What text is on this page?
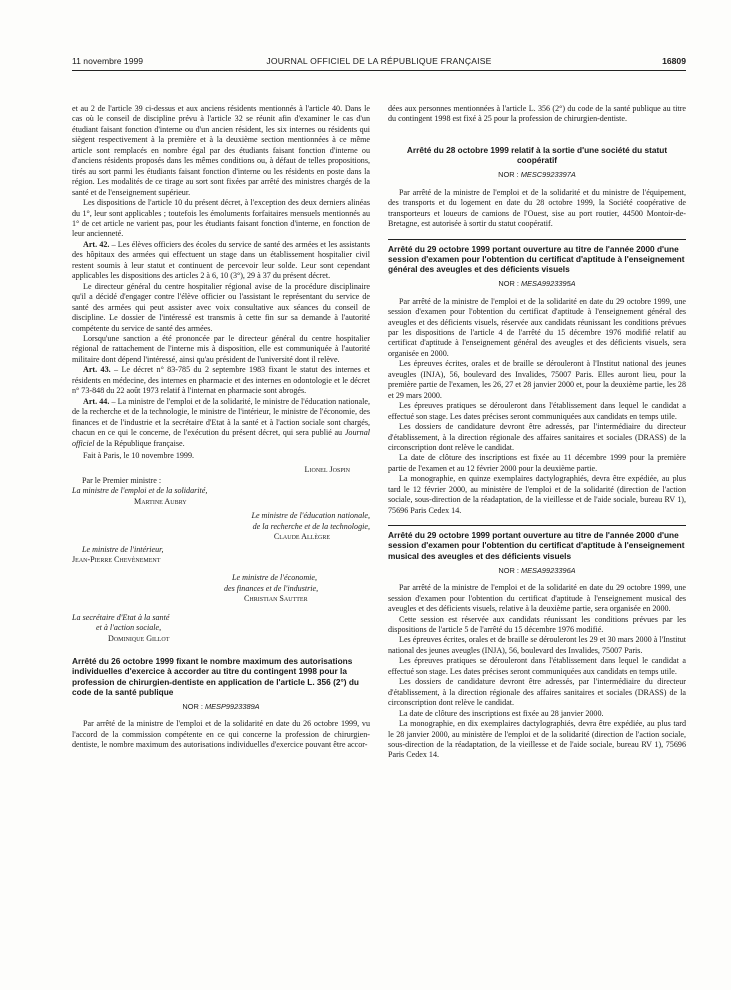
11 novembre 1999	JOURNAL OFFICIEL DE LA RÉPUBLIQUE FRANÇAISE	16809

et au 2 de l'article 39 ci-dessus et aux anciens résidents mentionnés à l'article 40. Dans le cas où le conseil de discipline prévu à l'article 32 se réunit afin d'examiner le cas d'un étudiant faisant fonction d'interne ou d'un ancien résident, les six internes ou résidents qui siègent respectivement à la première et à la deuxième section mentionnées à ce même article sont remplacés en nombre égal par des étudiants faisant fonction d'interne ou d'anciens résidents proposés dans les mêmes conditions ou, à défaut de telles propositions, tirés au sort parmi les étudiants faisant fonction d'interne ou les résidents en poste dans la région. Les modalités de ce tirage au sort sont fixées par arrêté des ministres chargés de la santé et de l'enseignement supérieur.

Les dispositions de l'article 10 du présent décret, à l'exception des deux derniers alinéas du 1°, leur sont applicables ; toutefois les émoluments forfaitaires mensuels mentionnés au 1° de cet article ne varient pas, pour les étudiants faisant fonction d'interne, en fonction de leur ancienneté.

Art. 42. – Les élèves officiers des écoles du service de santé des armées et les assistants des hôpitaux des armées qui effectuent un stage dans un établissement hospitalier civil restent soumis à leur statut et continuent de percevoir leur solde. Leur sont cependant applicables les dispositions des articles 2 à 6, 10 (3°), 29 à 37 du présent décret.

Le directeur général du centre hospitalier régional avise de la procédure disciplinaire qu'il a décidé d'engager contre l'élève officier ou l'assistant le représentant du service de santé des armées qui peut assister avec voix consultative aux séances du conseil de discipline. Le dossier de l'intéressé est transmis à cette fin sur sa demande à l'autorité compétente du service de santé des armées.

Lorsqu'une sanction a été prononcée par le directeur général du centre hospitalier régional de rattachement de l'interne mis à disposition, elle est communiquée à l'autorité militaire dont dépend l'intéressé, ainsi qu'au président de l'université dont il relève.

Art. 43. – Le décret n° 83-785 du 2 septembre 1983 fixant le statut des internes et résidents en médecine, des internes en pharmacie et des internes en odontologie et le décret n° 73-848 du 22 août 1973 relatif à l'internat en pharmacie sont abrogés.

Art. 44. – La ministre de l'emploi et de la solidarité, le ministre de l'éducation nationale, de la recherche et de la technologie, le ministre de l'intérieur, le ministre de l'économie, des finances et de l'industrie et la secrétaire d'Etat à la santé et à l'action sociale sont chargés, chacun en ce qui le concerne, de l'exécution du présent décret, qui sera publié au Journal officiel de la République française.

Fait à Paris, le 10 novembre 1999.

Lionel Jospin
Par le Premier ministre :
La ministre de l'emploi et de la solidarité,
Martine Aubry
Le ministre de l'éducation nationale,
de la recherche et de la technologie,
Claude Allègre
Le ministre de l'intérieur,
Jean-Pierre Chevènement
Le ministre de l'économie,
des finances et de l'industrie,
Christian Sautter
La secrétaire d'Etat à la santé
et à l'action sociale,
Dominique Gillot
Arrêté du 26 octobre 1999 fixant le nombre maximum des autorisations individuelles d'exercice à accorder au titre du contingent 1998 pour la profession de chirurgien-dentiste en application de l'article L. 356 (2°) du code de la santé publique
NOR : MESP9923389A

Par arrêté de la ministre de l'emploi et de la solidarité en date du 26 octobre 1999, vu l'accord de la commission compétente en ce qui concerne la profession de chirurgien-dentiste, le nombre maximum des autorisations individuelles d'exercice pouvant être accor-

dées aux personnes mentionnées à l'article L. 356 (2°) du code de la santé publique au titre du contingent 1998 est fixé à 25 pour la profession de chirurgien-dentiste.

Arrêté du 28 octobre 1999 relatif à la sortie d'une société du statut coopératif
NOR : MESC9923397A

Par arrêté de la ministre de l'emploi et de la solidarité et du ministre de l'équipement, des transports et du logement en date du 28 octobre 1999, la Société coopérative de transporteurs et loueurs de camions de l'Ouest, sise au port routier, 44500 Montoir-de-Bretagne, est autorisée à sortir du statut coopératif.

Arrêté du 29 octobre 1999 portant ouverture au titre de l'année 2000 d'une session d'examen pour l'obtention du certificat d'aptitude à l'enseignement général des aveugles et des déficients visuels
NOR : MESA9923395A

Par arrêté de la ministre de l'emploi et de la solidarité en date du 29 octobre 1999, une session d'examen pour l'obtention du certificat d'aptitude à l'enseignement général des aveugles et des déficients visuels, réservée aux candidats réunissant les conditions prévues par les dispositions de l'article 4 de l'arrêté du 15 décembre 1976 modifié relatif au certificat d'aptitude à l'enseignement général des aveugles et des déficients visuels, sera organisée en 2000.

Les épreuves écrites, orales et de braille se dérouleront à l'Institut national des jeunes aveugles (INJA), 56, boulevard des Invalides, 75007 Paris. Elles auront lieu, pour la première partie de l'examen, les 26, 27 et 28 janvier 2000 et, pour la deuxième partie, les 28 et 29 mars 2000.

Les épreuves pratiques se dérouleront dans l'établissement dans lequel le candidat a effectué son stage. Les dates précises seront communiquées aux candidats en temps utile.

Les dossiers de candidature devront être adressés, par l'intermédiaire du directeur d'établissement, à la direction régionale des affaires sanitaires et sociales (DRASS) de la circonscription dont relève le candidat.

La date de clôture des inscriptions est fixée au 11 décembre 1999 pour la première partie de l'examen et au 12 février 2000 pour la deuxième partie.

La monographie, en quinze exemplaires dactylographiés, devra être expédiée, au plus tard le 12 février 2000, au ministère de l'emploi et de la solidarité (direction de l'action sociale, sous-direction de la réadaptation, de la vieillesse et de l'aide sociale, bureau RV 1), 75696 Paris Cedex 14.

Arrêté du 29 octobre 1999 portant ouverture au titre de l'année 2000 d'une session d'examen pour l'obtention du certificat d'aptitude à l'enseignement musical des aveugles et des déficients visuels
NOR : MESA9923396A

Par arrêté de la ministre de l'emploi et de la solidarité en date du 29 octobre 1999, une session d'examen pour l'obtention du certificat d'aptitude à l'enseignement musical des aveugles et des déficients visuels, relative à la deuxième partie, sera organisée en 2000.

Cette session est réservée aux candidats réunissant les conditions prévues par les dispositions de l'article 5 de l'arrêté du 15 décembre 1976 modifié.

Les épreuves écrites, orales et de braille se dérouleront les 29 et 30 mars 2000 à l'Institut national des jeunes aveugles (INJA), 56, boulevard des Invalides, 75007 Paris.

Les épreuves pratiques se dérouleront dans l'établissement dans lequel le candidat a effectué son stage. Les dates précises seront communiquées aux candidats en temps utile.

Les dossiers de candidature devront être adressés, par l'intermédiaire du directeur d'établissement, à la direction régionale des affaires sanitaires et sociales (DRASS) de la circonscription dont relève le candidat.

La date de clôture des inscriptions est fixée au 28 janvier 2000.

La monographie, en dix exemplaires dactylographiés, devra être expédiée, au plus tard le 28 janvier 2000, au ministère de l'emploi et de la solidarité (direction de l'action sociale, sous-direction de la réadaptation, de la vieillesse et de l'aide sociale, bureau RV 1), 75696 Paris Cedex 14.
